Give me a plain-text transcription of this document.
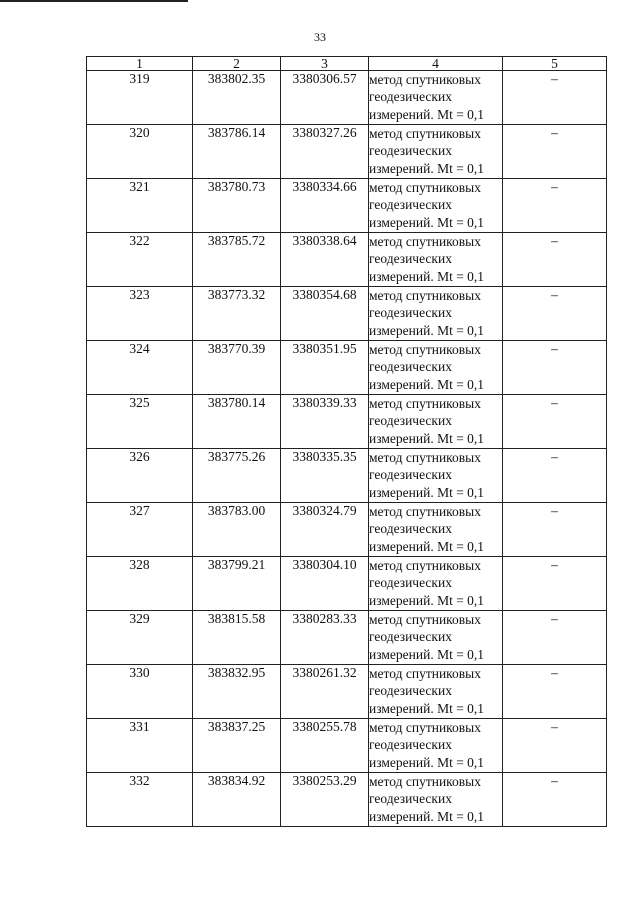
33
1	2	3	4	5
319	383802.35	3380306.57	метод спутниковых
геодезических
измерений. Mt = 0,1	–
320	383786.14	3380327.26	метод спутниковых
геодезических
измерений. Mt = 0,1	–
321	383780.73	3380334.66	метод спутниковых
геодезических
измерений. Mt = 0,1	–
322	383785.72	3380338.64	метод спутниковых
геодезических
измерений. Mt = 0,1	–
323	383773.32	3380354.68	метод спутниковых
геодезических
измерений. Mt = 0,1	–
324	383770.39	3380351.95	метод спутниковых
геодезических
измерений. Mt = 0,1	–
325	383780.14	3380339.33	метод спутниковых
геодезических
измерений. Mt = 0,1	–
326	383775.26	3380335.35	метод спутниковых
геодезических
измерений. Mt = 0,1	–
327	383783.00	3380324.79	метод спутниковых
геодезических
измерений. Mt = 0,1	–
328	383799.21	3380304.10	метод спутниковых
геодезических
измерений. Mt = 0,1	–
329	383815.58	3380283.33	метод спутниковых
геодезических
измерений. Mt = 0,1	–
330	383832.95	3380261.32	метод спутниковых
геодезических
измерений. Mt = 0,1	–
331	383837.25	3380255.78	метод спутниковых
геодезических
измерений. Mt = 0,1	–
332	383834.92	3380253.29	метод спутниковых
геодезических
измерений. Mt = 0,1	–
